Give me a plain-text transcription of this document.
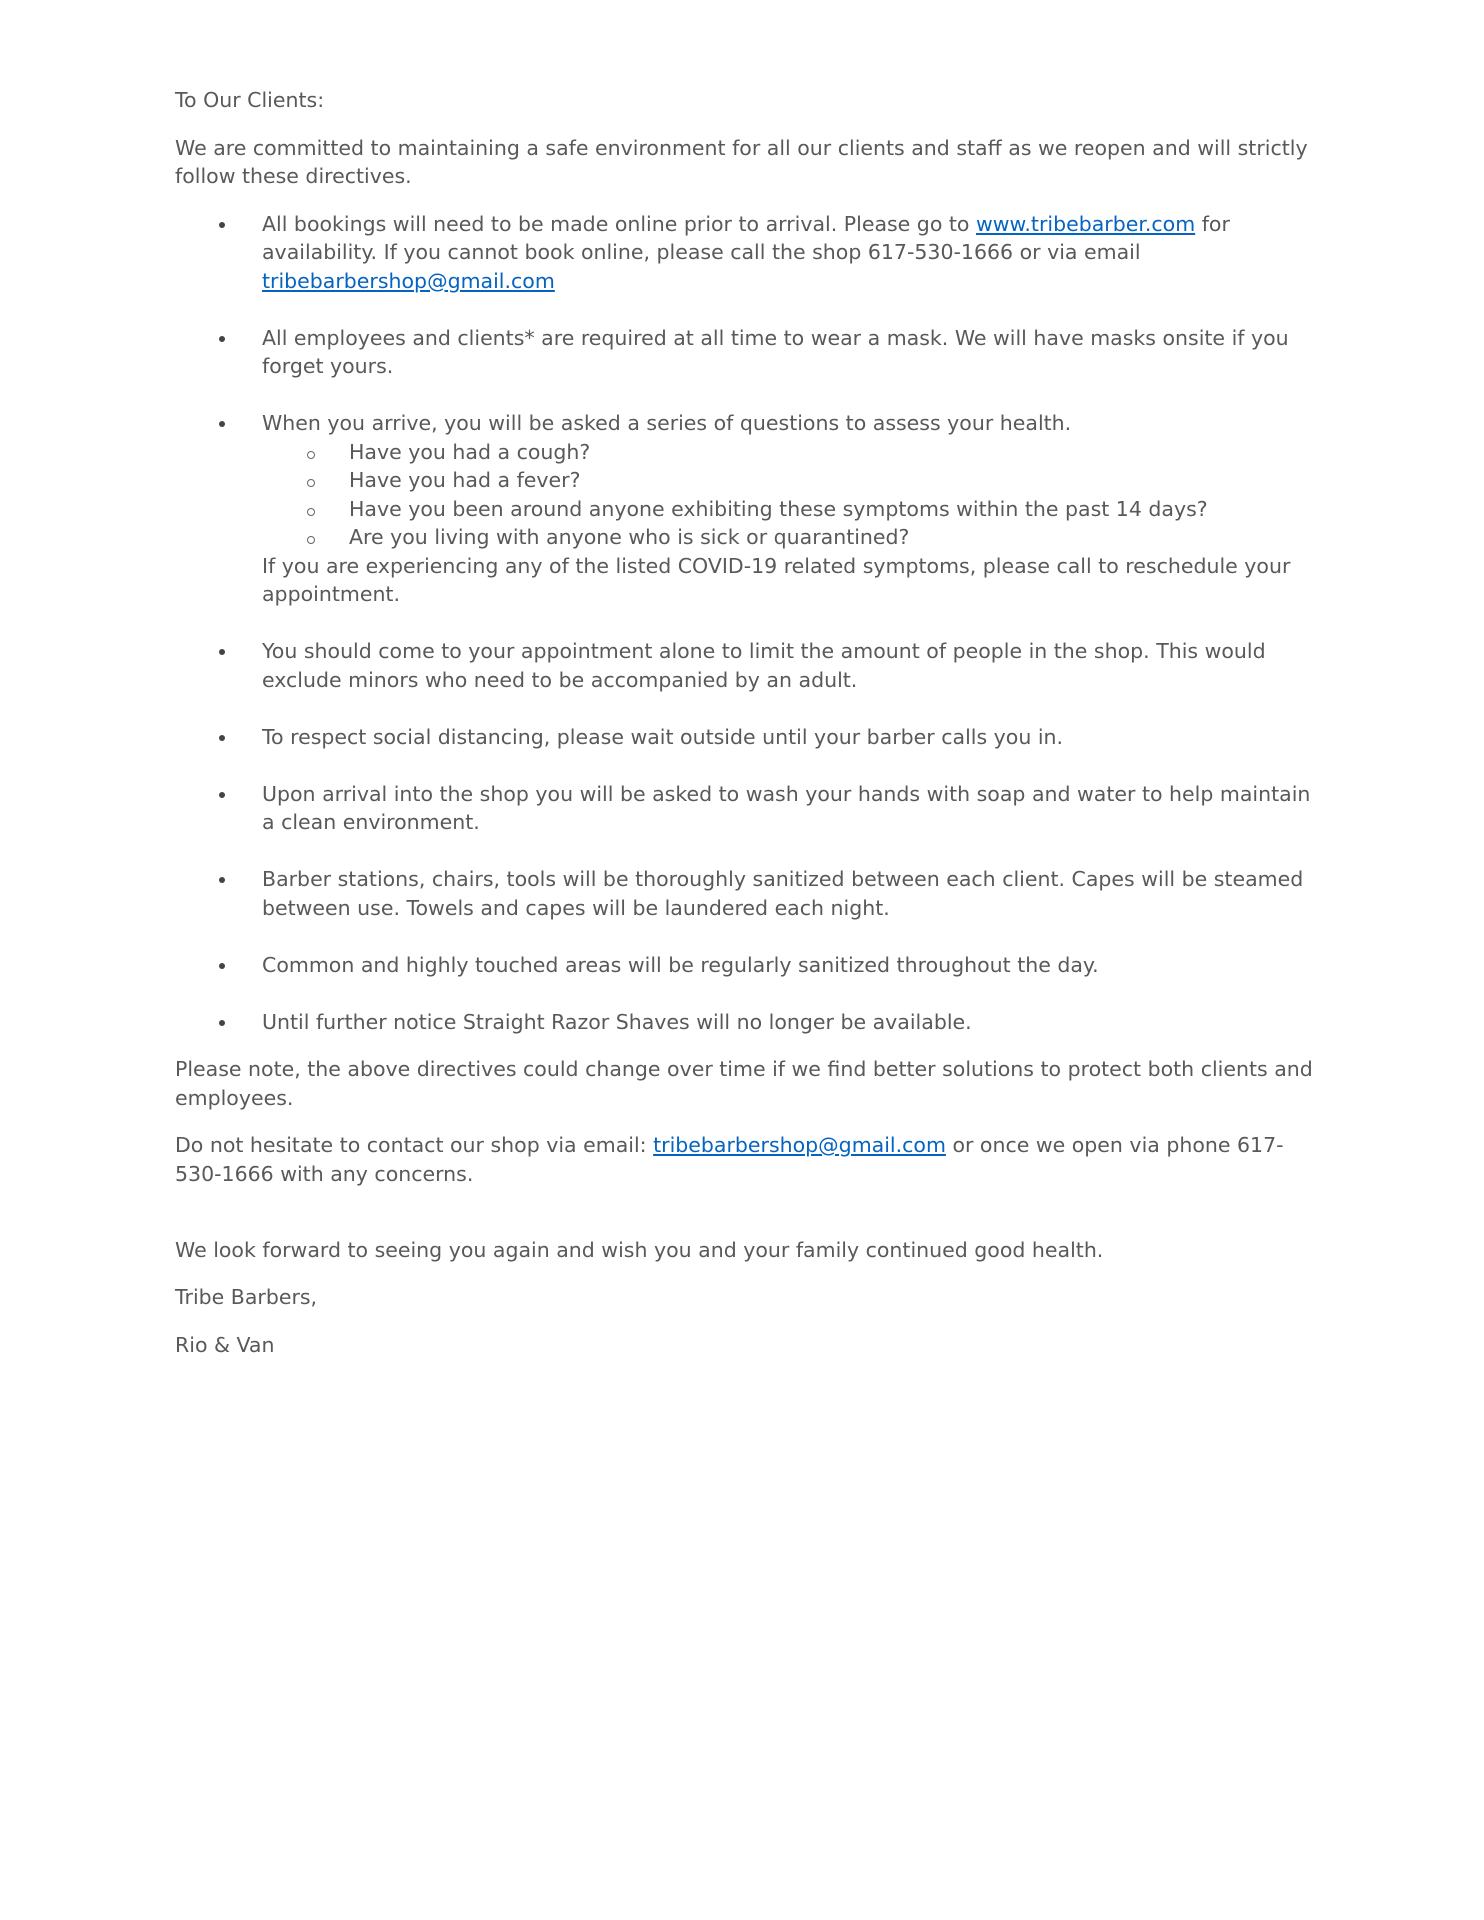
To Our Clients:

We are committed to maintaining a safe environment for all our clients and staff as we reopen and will strictly follow these directives.

All bookings will need to be made online prior to arrival. Please go to www.tribebarber.com for availability. If you cannot book online, please call the shop 617-530-1666 or via email tribebarbershop@gmail.com
All employees and clients* are required at all time to wear a mask. We will have masks onsite if you forget yours.
When you arrive, you will be asked a series of questions to assess your health.
Have you had a cough?
Have you had a fever?
Have you been around anyone exhibiting these symptoms within the past 14 days?
Are you living with anyone who is sick or quarantined?
If you are experiencing any of the listed COVID-19 related symptoms, please call to reschedule your appointment.
You should come to your appointment alone to limit the amount of people in the shop. This would exclude minors who need to be accompanied by an adult.
To respect social distancing, please wait outside until your barber calls you in.
Upon arrival into the shop you will be asked to wash your hands with soap and water to help maintain a clean environment.
Barber stations, chairs, tools will be thoroughly sanitized between each client. Capes will be steamed between use. Towels and capes will be laundered each night.
Common and highly touched areas will be regularly sanitized throughout the day.
Until further notice Straight Razor Shaves will no longer be available.

Please note, the above directives could change over time if we find better solutions to protect both clients and employees.

Do not hesitate to contact our shop via email: tribebarbershop@gmail.com or once we open via phone 617-530-1666 with any concerns.

We look forward to seeing you again and wish you and your family continued good health.

Tribe Barbers,

Rio & Van
